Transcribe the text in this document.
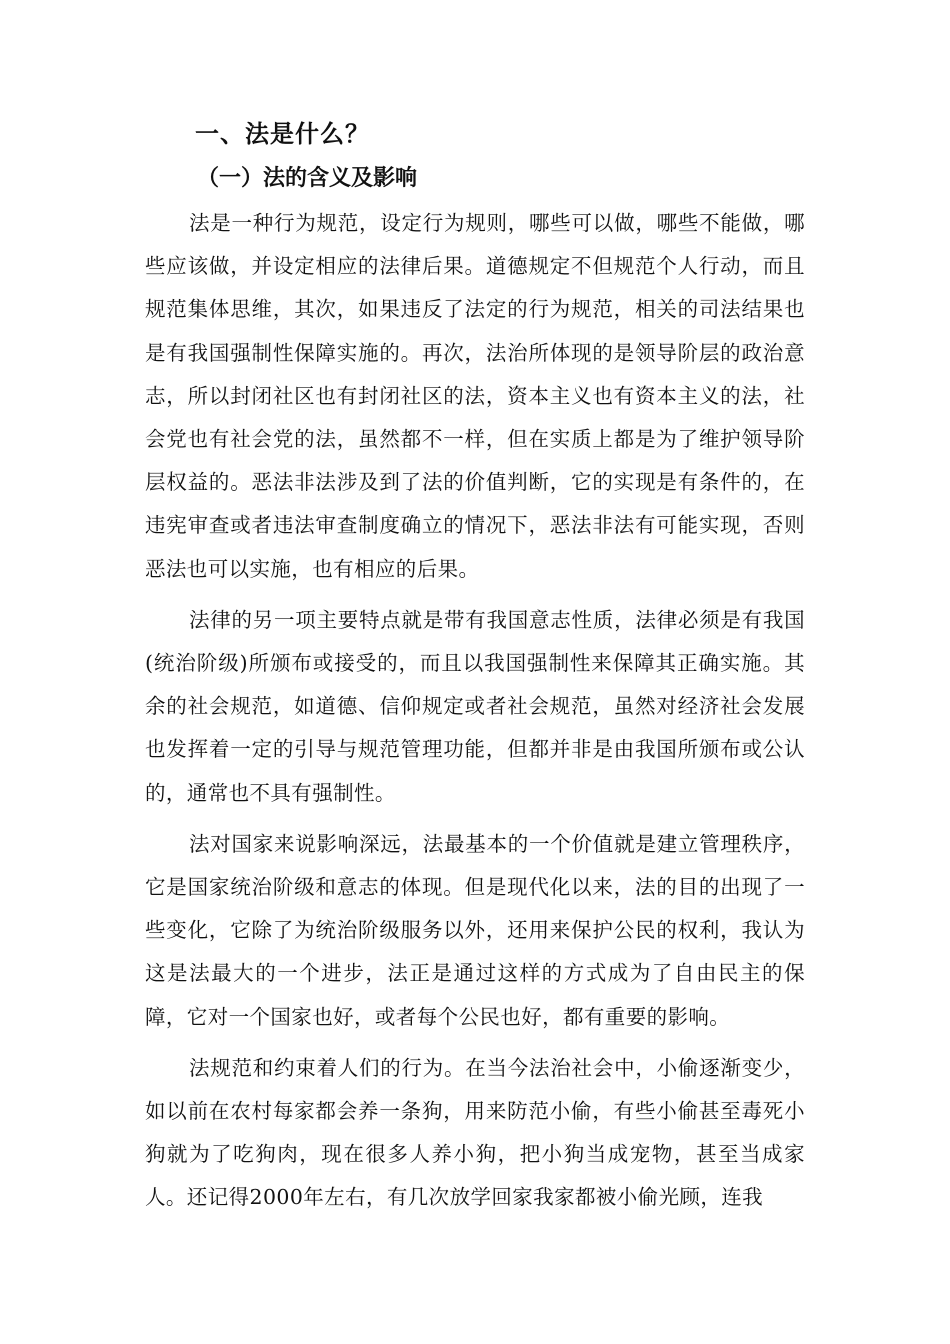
一、法是什么？
（一）法的含义及影响

法是一种行为规范，设定行为规则，哪些可以做，哪些不能做，哪些应该做，并设定相应的法律后果。道德规定不但规范个人行动，而且规范集体思维，其次，如果违反了法定的行为规范，相关的司法结果也是有我国强制性保障实施的。再次，法治所体现的是领导阶层的政治意志，所以封闭社区也有封闭社区的法，资本主义也有资本主义的法，社会党也有社会党的法，虽然都不一样，但在实质上都是为了维护领导阶层权益的。恶法非法涉及到了法的价值判断，它的实现是有条件的，在违宪审查或者违法审查制度确立的情况下，恶法非法有可能实现，否则恶法也可以实施，也有相应的后果。

法律的另一项主要特点就是带有我国意志性质，法律必须是有我国(统治阶级)所颁布或接受的，而且以我国强制性来保障其正确实施。其余的社会规范，如道德、信仰规定或者社会规范，虽然对经济社会发展也发挥着一定的引导与规范管理功能，但都并非是由我国所颁布或公认的，通常也不具有强制性。

法对国家来说影响深远，法最基本的一个价值就是建立管理秩序，它是国家统治阶级和意志的体现。但是现代化以来，法的目的出现了一些变化，它除了为统治阶级服务以外，还用来保护公民的权利，我认为这是法最大的一个进步，法正是通过这样的方式成为了自由民主的保障，它对一个国家也好，或者每个公民也好，都有重要的影响。

法规范和约束着人们的行为。在当今法治社会中，小偷逐渐变少，如以前在农村每家都会养一条狗，用来防范小偷，有些小偷甚至毒死小狗就为了吃狗肉，现在很多人养小狗，把小狗当成宠物，甚至当成家人。还记得2000年左右，有几次放学回家我家都被小偷光顾，连我
